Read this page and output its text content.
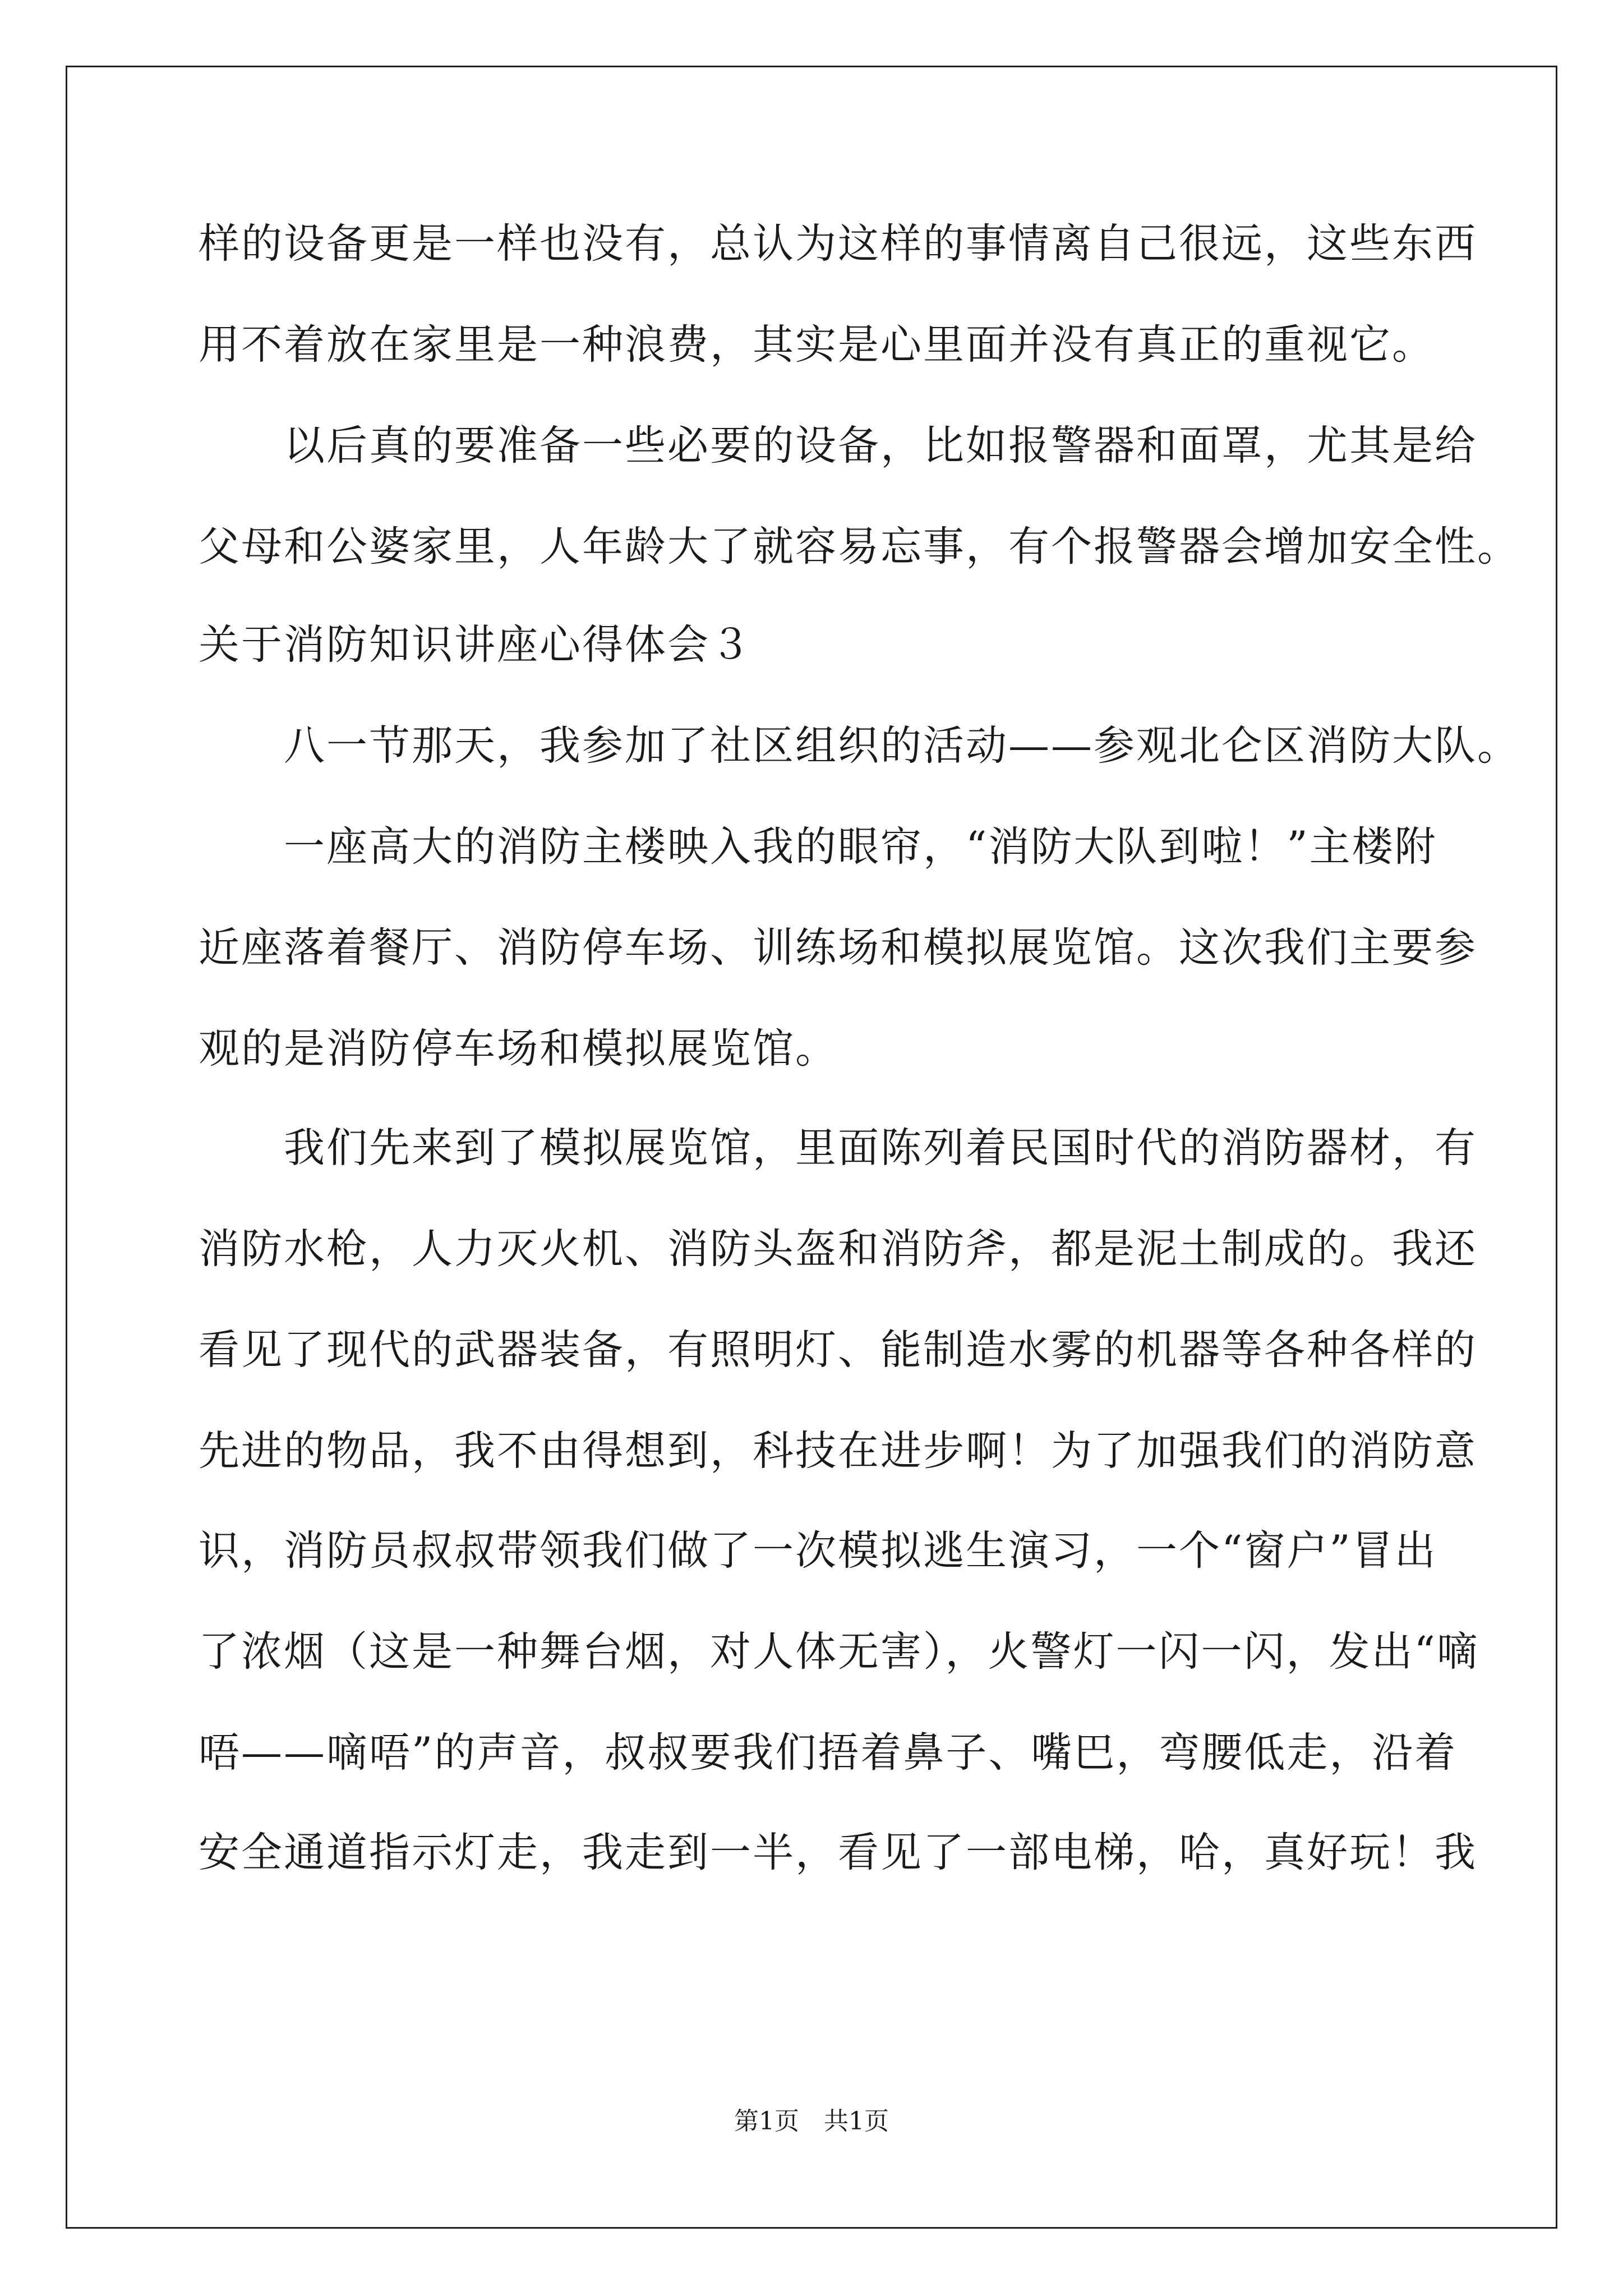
样的设备更是一样也没有，总认为这样的事情离自己很远，这些东西
用不着放在家里是一种浪费，其实是心里面并没有真正的重视它。
　　以后真的要准备一些必要的设备，比如报警器和面罩，尤其是给
父母和公婆家里，人年龄大了就容易忘事，有个报警器会增加安全性。
关于消防知识讲座心得体会３
　　八一节那天，我参加了社区组织的活动——参观北仑区消防大队。
　　一座高大的消防主楼映入我的眼帘，“消防大队到啦！”主楼附
近座落着餐厅、消防停车场、训练场和模拟展览馆。这次我们主要参
观的是消防停车场和模拟展览馆。
　　我们先来到了模拟展览馆，里面陈列着民国时代的消防器材，有
消防水枪，人力灭火机、消防头盔和消防斧，都是泥土制成的。我还
看见了现代的武器装备，有照明灯、能制造水雾的机器等各种各样的
先进的物品，我不由得想到，科技在进步啊！为了加强我们的消防意
识，消防员叔叔带领我们做了一次模拟逃生演习，一个“窗户”冒出
了浓烟（这是一种舞台烟，对人体无害），火警灯一闪一闪，发出“嘀
唔——嘀唔”的声音，叔叔要我们捂着鼻子、嘴巴，弯腰低走，沿着
安全通道指示灯走，我走到一半，看见了一部电梯，哈，真好玩！我
第1页　共1页
